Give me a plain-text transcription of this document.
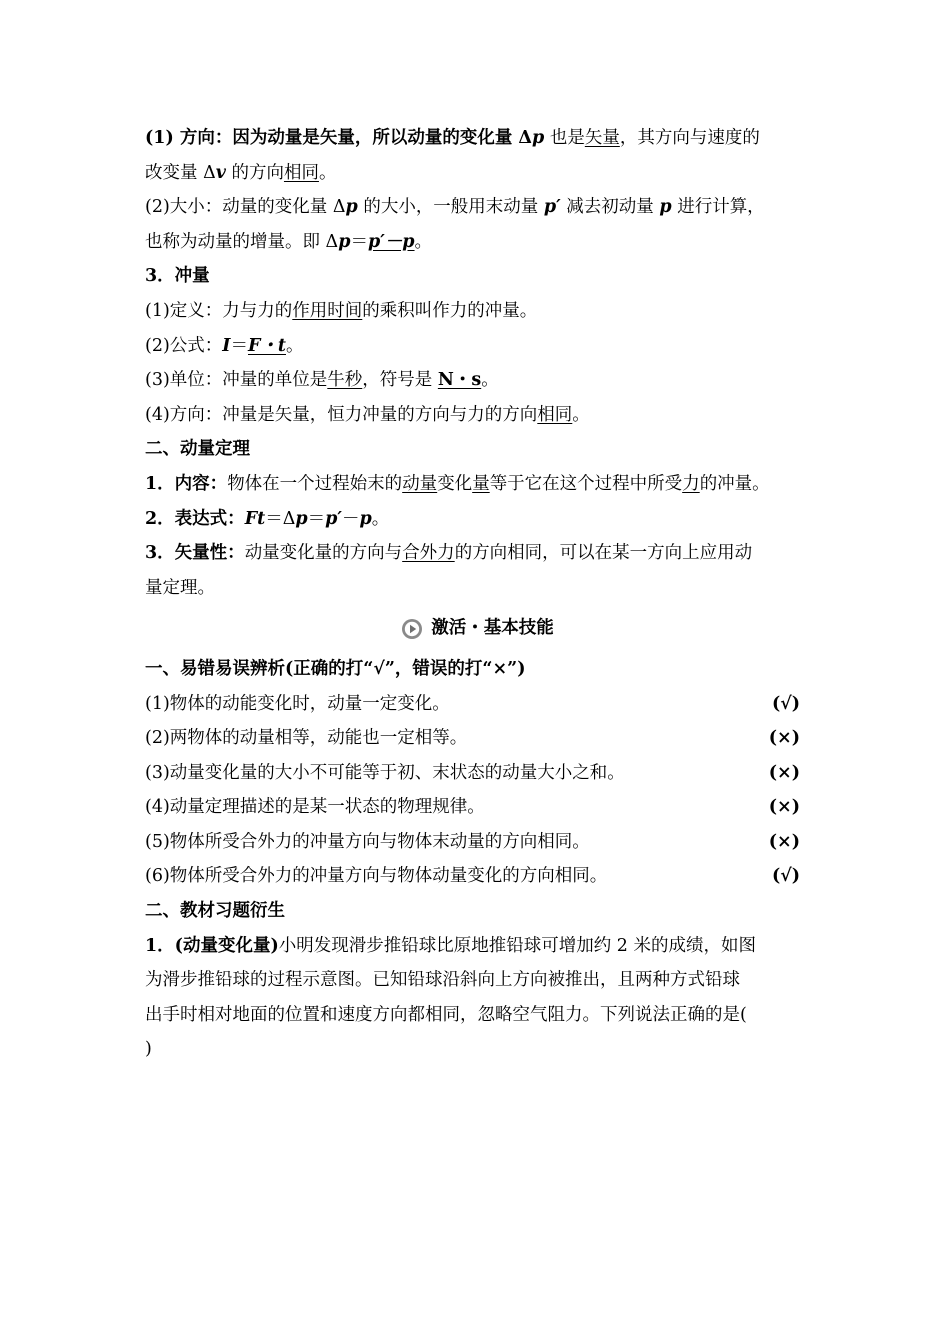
(1) 方向：因为动量是矢量，所以动量的变化量 Δp 也是矢量，其方向与速度的
改变量 Δv 的方向相同。
(2)大小：动量的变化量 Δp 的大小，一般用末动量 p′ 减去初动量 p 进行计算，
也称为动量的增量。即 Δp＝p′－p。
3．冲量
(1)定义：力与力的作用时间的乘积叫作力的冲量。
(2)公式：I＝F・t。
(3)单位：冲量的单位是牛秒，符号是 N・s。
(4)方向：冲量是矢量，恒力冲量的方向与力的方向相同。
二、动量定理
1．内容：物体在一个过程始末的动量变化量等于它在这个过程中所受力的冲量。
2．表达式：Ft＝Δp＝p′－p。
3．矢量性：动量变化量的方向与合外力的方向相同，可以在某一方向上应用动
量定理。
激活・基本技能
一、易错易误辨析(正确的打“√”，错误的打“×”)
(1)物体的动能变化时，动量一定变化。	(√)
(2)两物体的动量相等，动能也一定相等。	(×)
(3)动量变化量的大小不可能等于初、末状态的动量大小之和。	(×)
(4)动量定理描述的是某一状态的物理规律。	(×)
(5)物体所受合外力的冲量方向与物体末动量的方向相同。	(×)
(6)物体所受合外力的冲量方向与物体动量变化的方向相同。	(√)
二、教材习题衍生
1．(动量变化量)小明发现滑步推铅球比原地推铅球可增加约 2 米的成绩，如图
为滑步推铅球的过程示意图。已知铅球沿斜向上方向被推出，且两种方式铅球
出手时相对地面的位置和速度方向都相同，忽略空气阻力。下列说法正确的是(
)
